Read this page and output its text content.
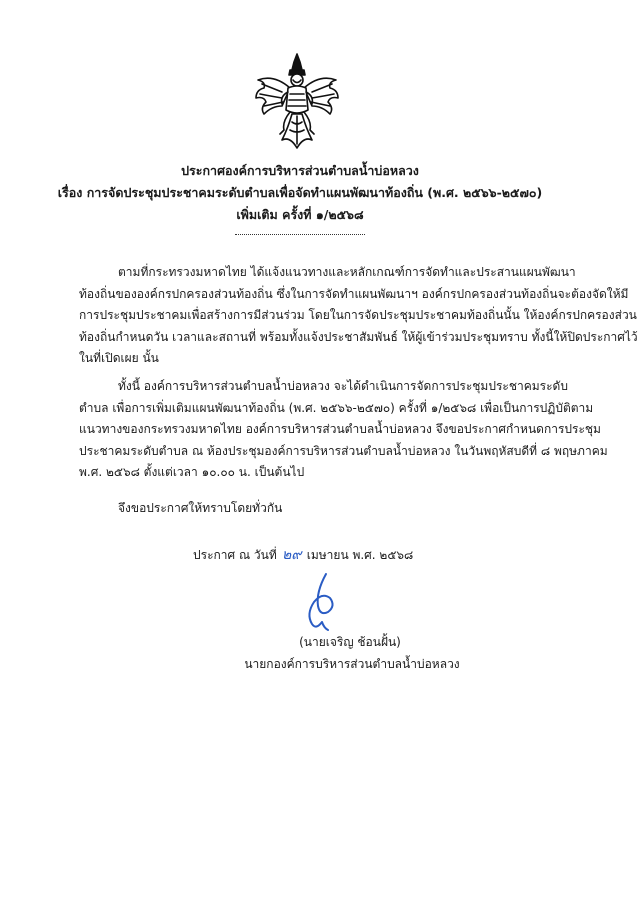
ประกาศองค์การบริหารส่วนตำบลน้ำบ่อหลวง
เรื่อง การจัดประชุมประชาคมระดับตำบลเพื่อจัดทำแผนพัฒนาท้องถิ่น (พ.ศ. ๒๕๖๖-๒๕๗๐)
เพิ่มเติม ครั้งที่ ๑/๒๕๖๘
ตามที่กระทรวงมหาดไทย ได้แจ้งแนวทางและหลักเกณฑ์การจัดทำและประสานแผนพัฒนา
ท้องถิ่นขององค์กรปกครองส่วนท้องถิ่น ซึ่งในการจัดทำแผนพัฒนาฯ องค์กรปกครองส่วนท้องถิ่นจะต้องจัดให้มี
การประชุมประชาคมเพื่อสร้างการมีส่วนร่วม โดยในการจัดประชุมประชาคมท้องถิ่นนั้น ให้องค์กรปกครองส่วน
ท้องถิ่นกำหนดวัน เวลาและสถานที่ พร้อมทั้งแจ้งประชาสัมพันธ์ ให้ผู้เข้าร่วมประชุมทราบ ทั้งนี้ให้ปิดประกาศไว้
ในที่เปิดเผย นั้น
ทั้งนี้ องค์การบริหารส่วนตำบลน้ำบ่อหลวง จะได้ดำเนินการจัดการประชุมประชาคมระดับ
ตำบล เพื่อการเพิ่มเติมแผนพัฒนาท้องถิ่น (พ.ศ. ๒๕๖๖-๒๕๗๐) ครั้งที่ ๑/๒๕๖๘ เพื่อเป็นการปฏิบัติตาม
แนวทางของกระทรวงมหาดไทย องค์การบริหารส่วนตำบลน้ำบ่อหลวง จึงขอประกาศกำหนดการประชุม
ประชาคมระดับตำบล ณ ห้องประชุมองค์การบริหารส่วนตำบลน้ำบ่อหลวง ในวันพฤหัสบดีที่ ๘ พฤษภาคม
พ.ศ. ๒๕๖๘ ตั้งแต่เวลา ๑๐.๐๐ น. เป็นต้นไป
จึงขอประกาศให้ทราบโดยทั่วกัน
ประกาศ ณ วันที่ ๒๙ เมษายน พ.ศ. ๒๕๖๘
(นายเจริญ ช้อนฝั้น)
นายกองค์การบริหารส่วนตำบลน้ำบ่อหลวง
